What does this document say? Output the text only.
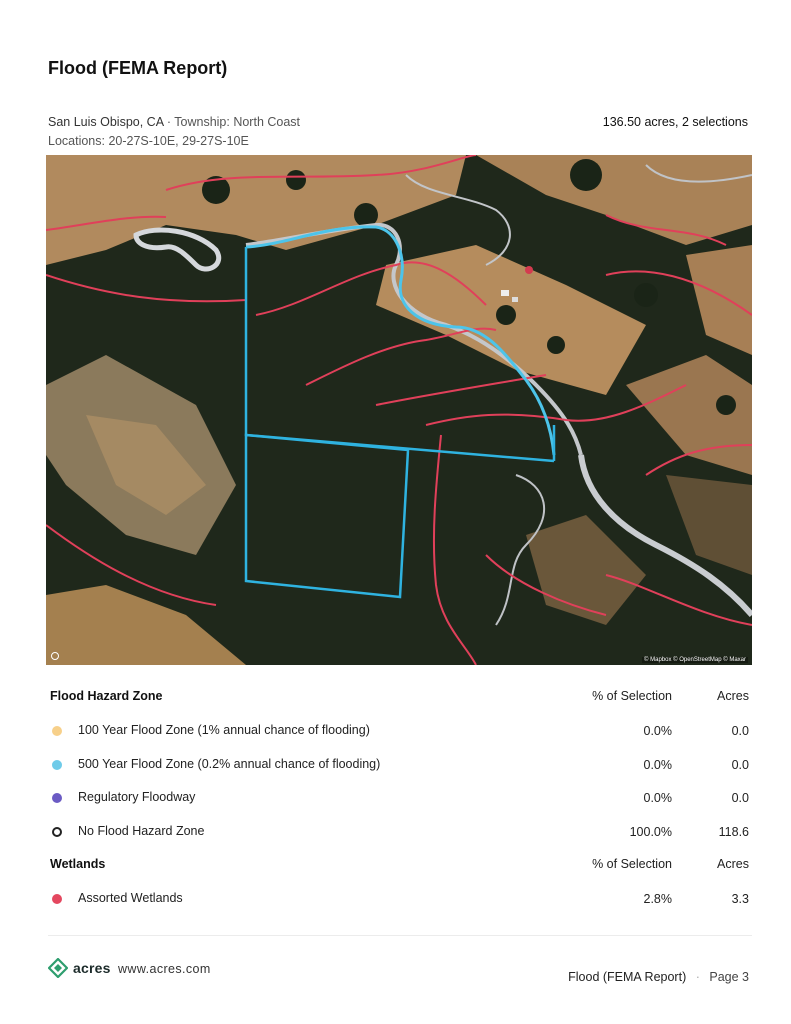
Flood (FEMA Report)
San Luis Obispo, CA · Township: North Coast
Locations: 20-27S-10E, 29-27S-10E
136.50 acres, 2 selections
© Mapbox © OpenStreetMap © Maxar
Flood Hazard Zone	% of Selection	Acres
100 Year Flood Zone (1% annual chance of flooding)	0.0%	0.0
500 Year Flood Zone (0.2% annual chance of flooding)	0.0%	0.0
Regulatory Floodway	0.0%	0.0
No Flood Hazard Zone	100.0%	118.6
Wetlands	% of Selection	Acres
Assorted Wetlands	2.8%	3.3
acres www.acres.com
Flood (FEMA Report) · Page 3
